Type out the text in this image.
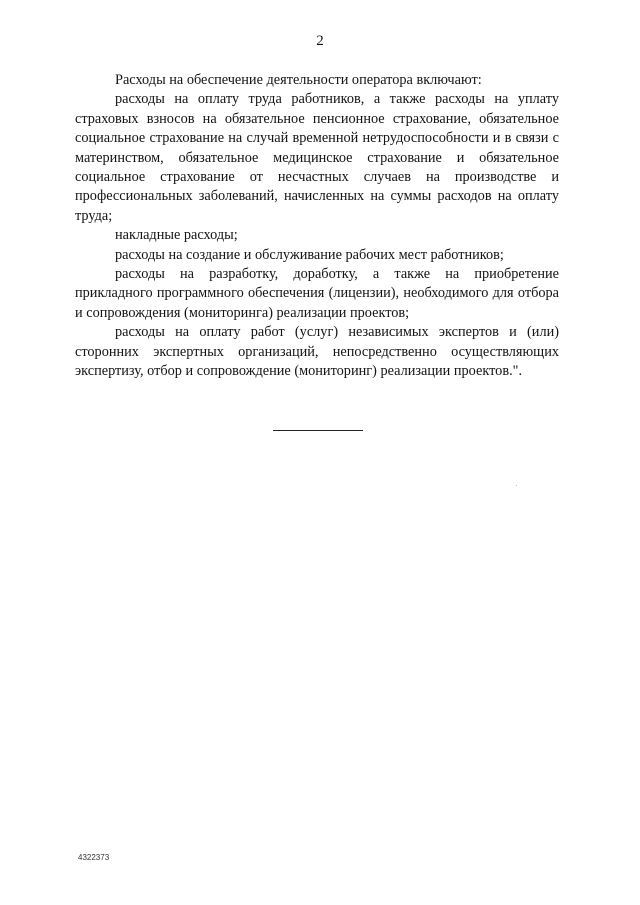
2

Расходы на обеспечение деятельности оператора включают:

расходы на оплату труда работников, а также расходы на уплату страховых взносов на обязательное пенсионное страхование, обязательное социальное страхование на случай временной нетрудоспособности и в связи с материнством, обязательное медицинское страхование и обязательное социальное страхование от несчастных случаев на производстве и профессиональных заболеваний, начисленных на суммы расходов на оплату труда;

накладные расходы;

расходы на создание и обслуживание рабочих мест работников;

расходы на разработку, доработку, а также на приобретение прикладного программного обеспечения (лицензии), необходимого для отбора и сопровождения (мониторинга) реализации проектов;

расходы на оплату работ (услуг) независимых экспертов и (или) сторонних экспертных организаций, непосредственно осуществляющих экспертизу, отбор и сопровождение (мониторинг) реализации проектов.".

4322373
